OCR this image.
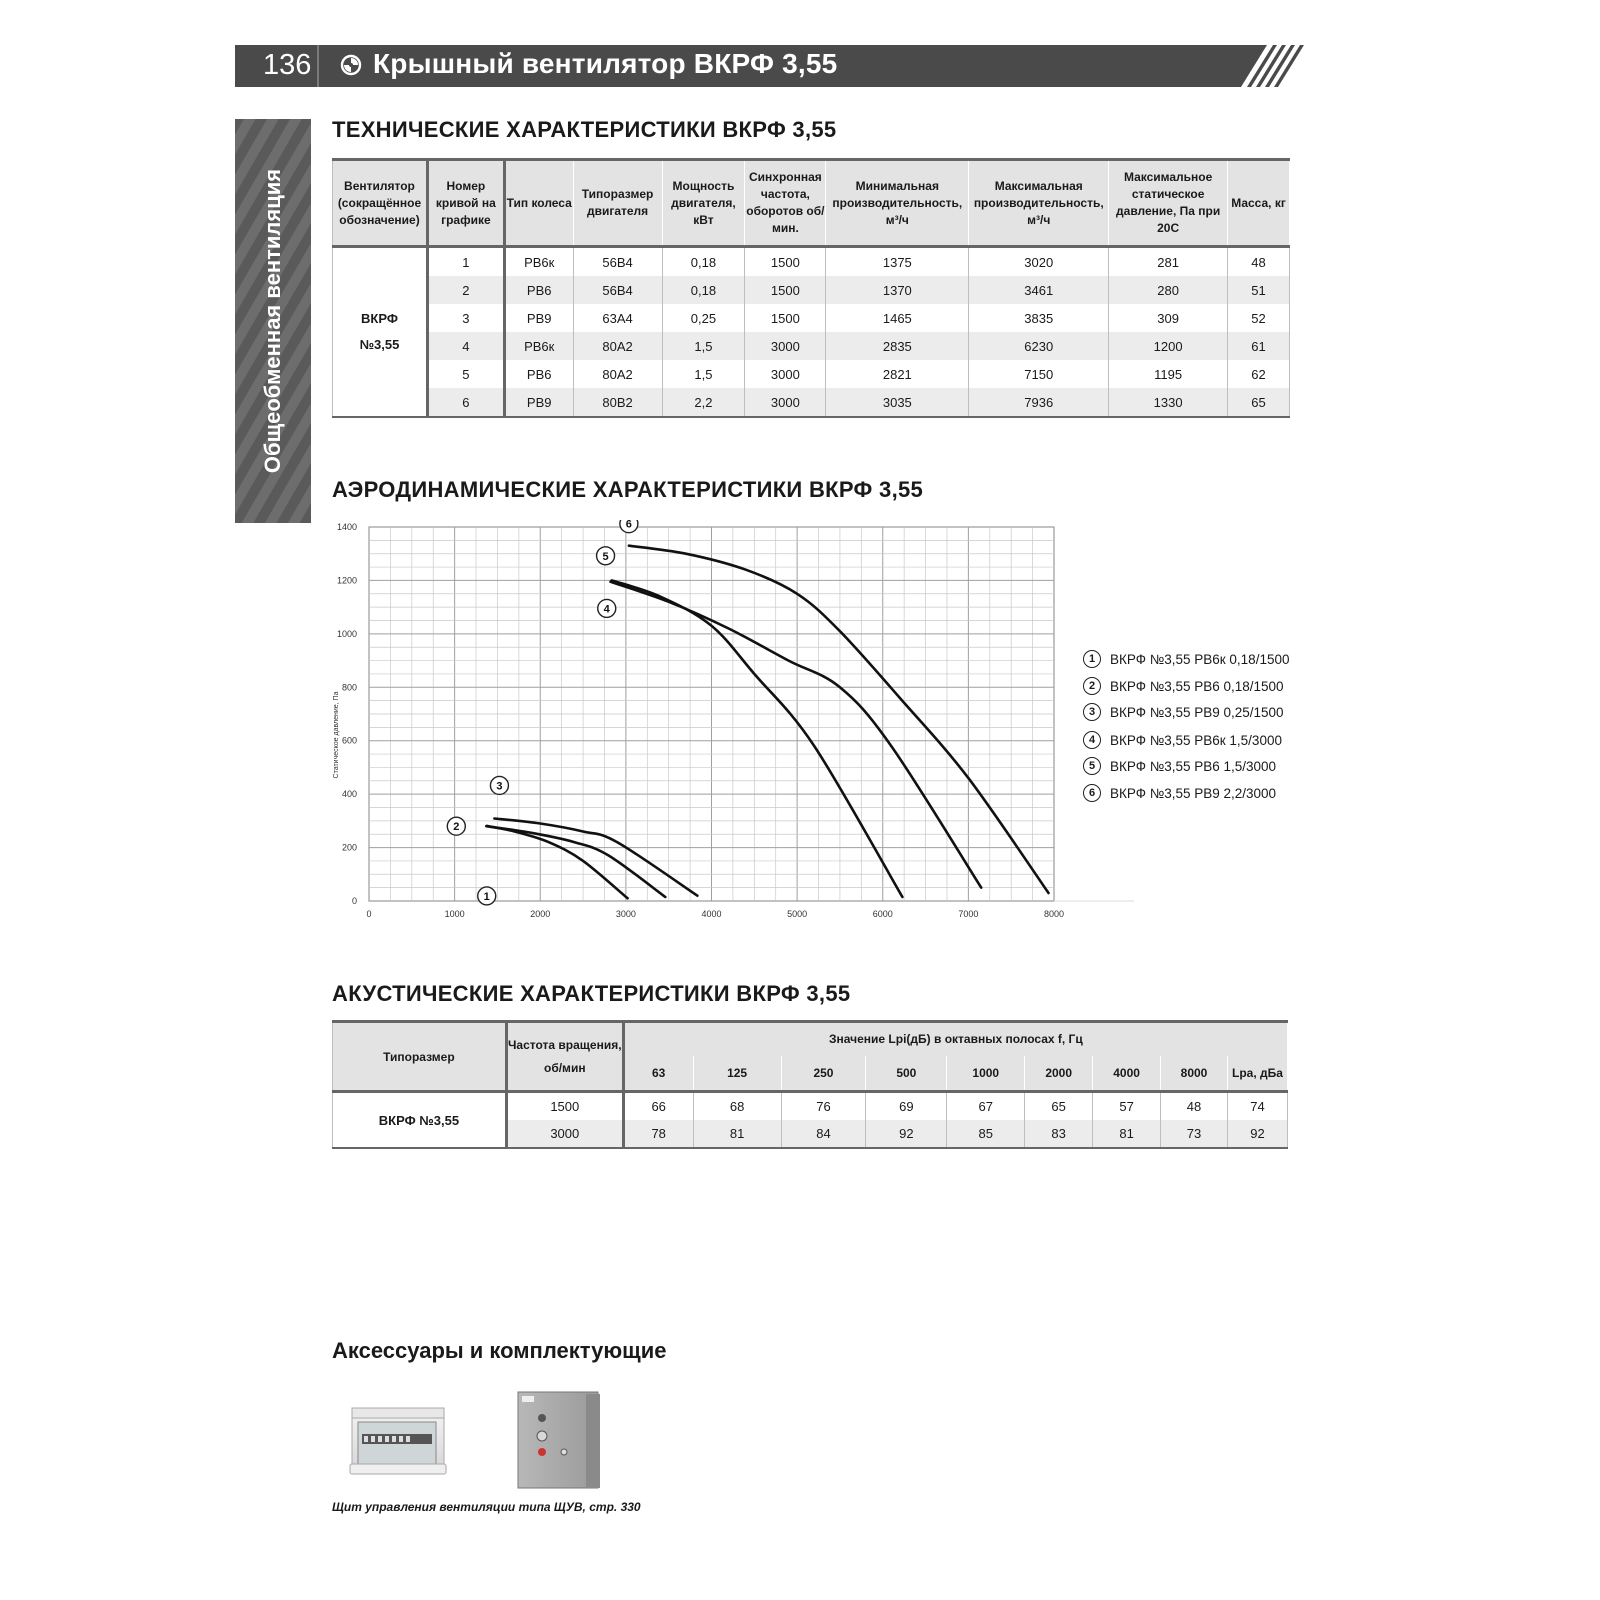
136 Крышный вентилятор ВКРФ 3,55
Общеобменная вентиляция
ТЕХНИЧЕСКИЕ ХАРАКТЕРИСТИКИ ВКРФ 3,55
Вентилятор (сокращённое обозначение)	Номер кривой на графике	Тип колеса	Типоразмер двигателя	Мощность двигателя, кВт	Синхронная частота, оборотов об/мин.	Минимальная производительность, м³/ч	Максимальная производительность, м³/ч	Максимальное статическое давление, Па при 20С	Масса, кг

ВКРФ
№3,55	1	РВ6к	56В4	0,18	1500	1375	3020	281	48
	2	РВ6	56В4	0,18	1500	1370	3461	280	51
	3	РВ9	63А4	0,25	1500	1465	3835	309	52
	4	РВ6к	80А2	1,5	3000	2835	6230	1200	61
	5	РВ6	80А2	1,5	3000	2821	7150	1195	62
	6	РВ9	80В2	2,2	3000	3035	7936	1330	65
АЭРОДИНАМИЧЕСКИЕ ХАРАКТЕРИСТИКИ ВКРФ 3,55
0	1000	2000	3000	4000	5000	6000	7000	8000
0
200
400
600
800
1000
1200
1400
Статическое давление, Па
1
2
3
4
5
6
1	ВКРФ №3,55 РВ6к 0,18/1500
2	ВКРФ №3,55 РВ6 0,18/1500
3	ВКРФ №3,55 РВ9 0,25/1500
4	ВКРФ №3,55 РВ6к 1,5/3000
5	ВКРФ №3,55 РВ6 1,5/3000
6	ВКРФ №3,55 РВ9 2,2/3000
АКУСТИЧЕСКИЕ ХАРАКТЕРИСТИКИ ВКРФ 3,55
Типоразмер	Частота вращения, об/мин	Значение Lpi(дБ) в октавных полосах f, Гц								
		63	125	250	500	1000	2000	4000	8000	Lpa, дБа
ВКРФ №3,55	1500	66	68	76	69	67	65	57	48	74
	3000	78	81	84	92	85	83	81	73	92
Аксессуары и комплектующие
Щит управления вентиляции типа ЩУВ, стр. 330
